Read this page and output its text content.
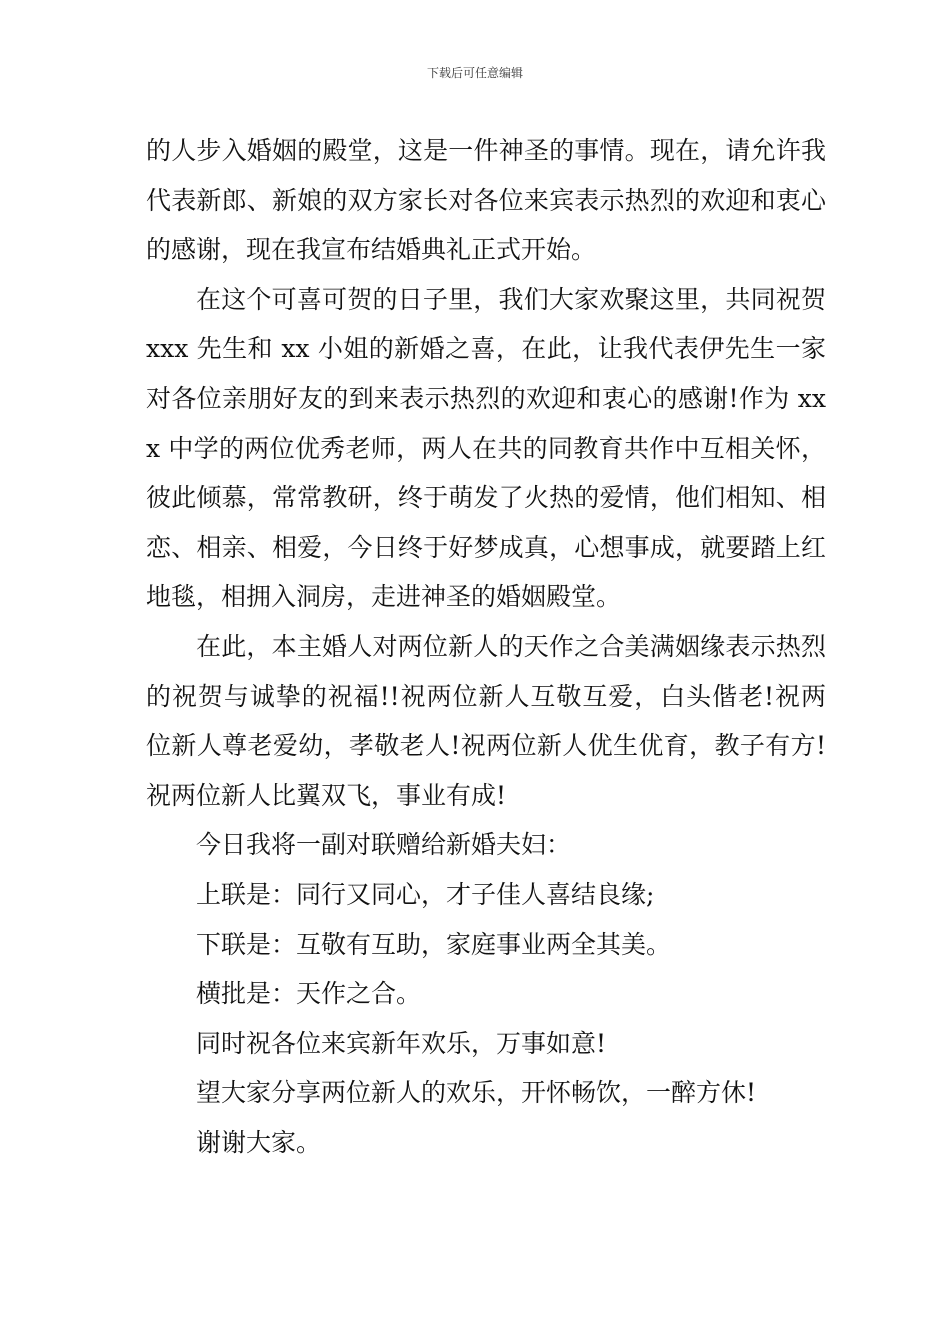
下载后可任意编辑

的人步入婚姻的殿堂，这是一件神圣的事情。现在，请允许我代表新郎、新娘的双方家长对各位来宾表示热烈的欢迎和衷心的感谢，现在我宣布结婚典礼正式开始。

在这个可喜可贺的日子里，我们大家欢聚这里，共同祝贺 xxx 先生和 xx 小姐的新婚之喜，在此，让我代表伊先生一家对各位亲朋好友的到来表示热烈的欢迎和衷心的感谢!作为 xxx 中学的两位优秀老师，两人在共的同教育共作中互相关怀，彼此倾慕，常常教研，终于萌发了火热的爱情，他们相知、相恋、相亲、相爱，今日终于好梦成真，心想事成，就要踏上红地毯，相拥入洞房，走进神圣的婚姻殿堂。

在此，本主婚人对两位新人的天作之合美满姻缘表示热烈的祝贺与诚挚的祝福!!祝两位新人互敬互爱，白头偕老!祝两位新人尊老爱幼，孝敬老人!祝两位新人优生优育，教子有方!祝两位新人比翼双飞，事业有成!

今日我将一副对联赠给新婚夫妇：

上联是：同行又同心，才子佳人喜结良缘;

下联是：互敬有互助，家庭事业两全其美。

横批是：天作之合。

同时祝各位来宾新年欢乐，万事如意!

望大家分享两位新人的欢乐，开怀畅饮，一醉方休!

谢谢大家。
